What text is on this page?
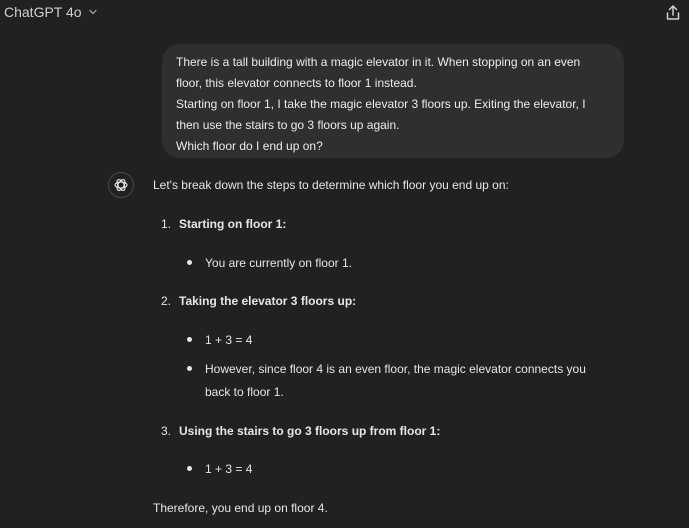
ChatGPT 4o
There is a tall building with a magic elevator in it. When stopping on an even
floor, this elevator connects to floor 1 instead.
Starting on floor 1, I take the magic elevator 3 floors up. Exiting the elevator, I
then use the stairs to go 3 floors up again.
Which floor do I end up on?
Let's break down the steps to determine which floor you end up on:
1. Starting on floor 1:
You are currently on floor 1.
2. Taking the elevator 3 floors up:
1 + 3 = 4
However, since floor 4 is an even floor, the magic elevator connects you
back to floor 1.
3. Using the stairs to go 3 floors up from floor 1:
1 + 3 = 4
Therefore, you end up on floor 4.
